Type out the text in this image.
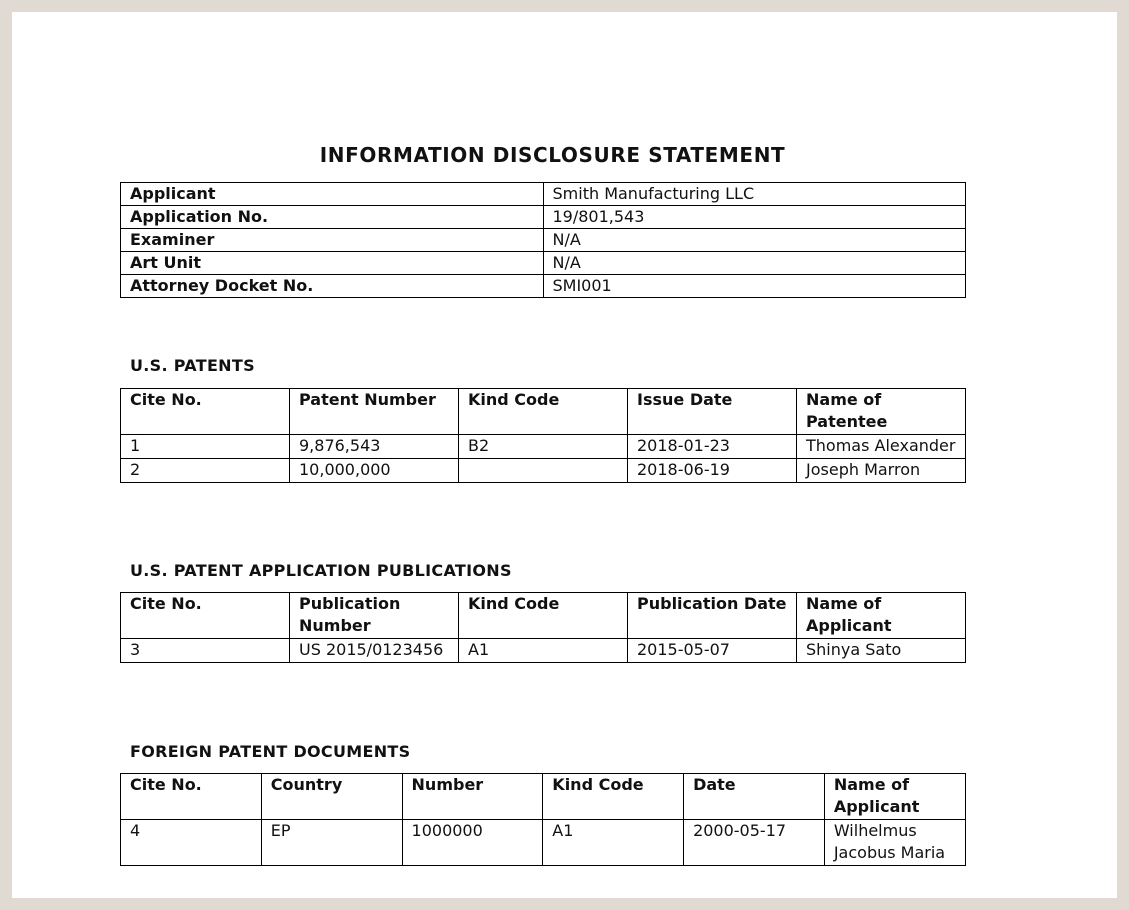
INFORMATION DISCLOSURE STATEMENT
Applicant	Smith Manufacturing LLC
Application No.	19/801,543
Examiner	N/A
Art Unit	N/A
Attorney Docket No.	SMI001
U.S. PATENTS
Cite No.	Patent Number	Kind Code	Issue Date	Name of Patentee
1	9,876,543	B2	2018-01-23	Thomas Alexander
2	10,000,000		2018-06-19	Joseph Marron
U.S. PATENT APPLICATION PUBLICATIONS
Cite No.	Publication Number	Kind Code	Publication Date	Name of Applicant
3	US 2015/0123456	A1	2015-05-07	Shinya Sato
FOREIGN PATENT DOCUMENTS
Cite No.	Country	Number	Kind Code	Date	Name of Applicant
4	EP	1000000	A1	2000-05-17	Wilhelmus Jacobus Maria
